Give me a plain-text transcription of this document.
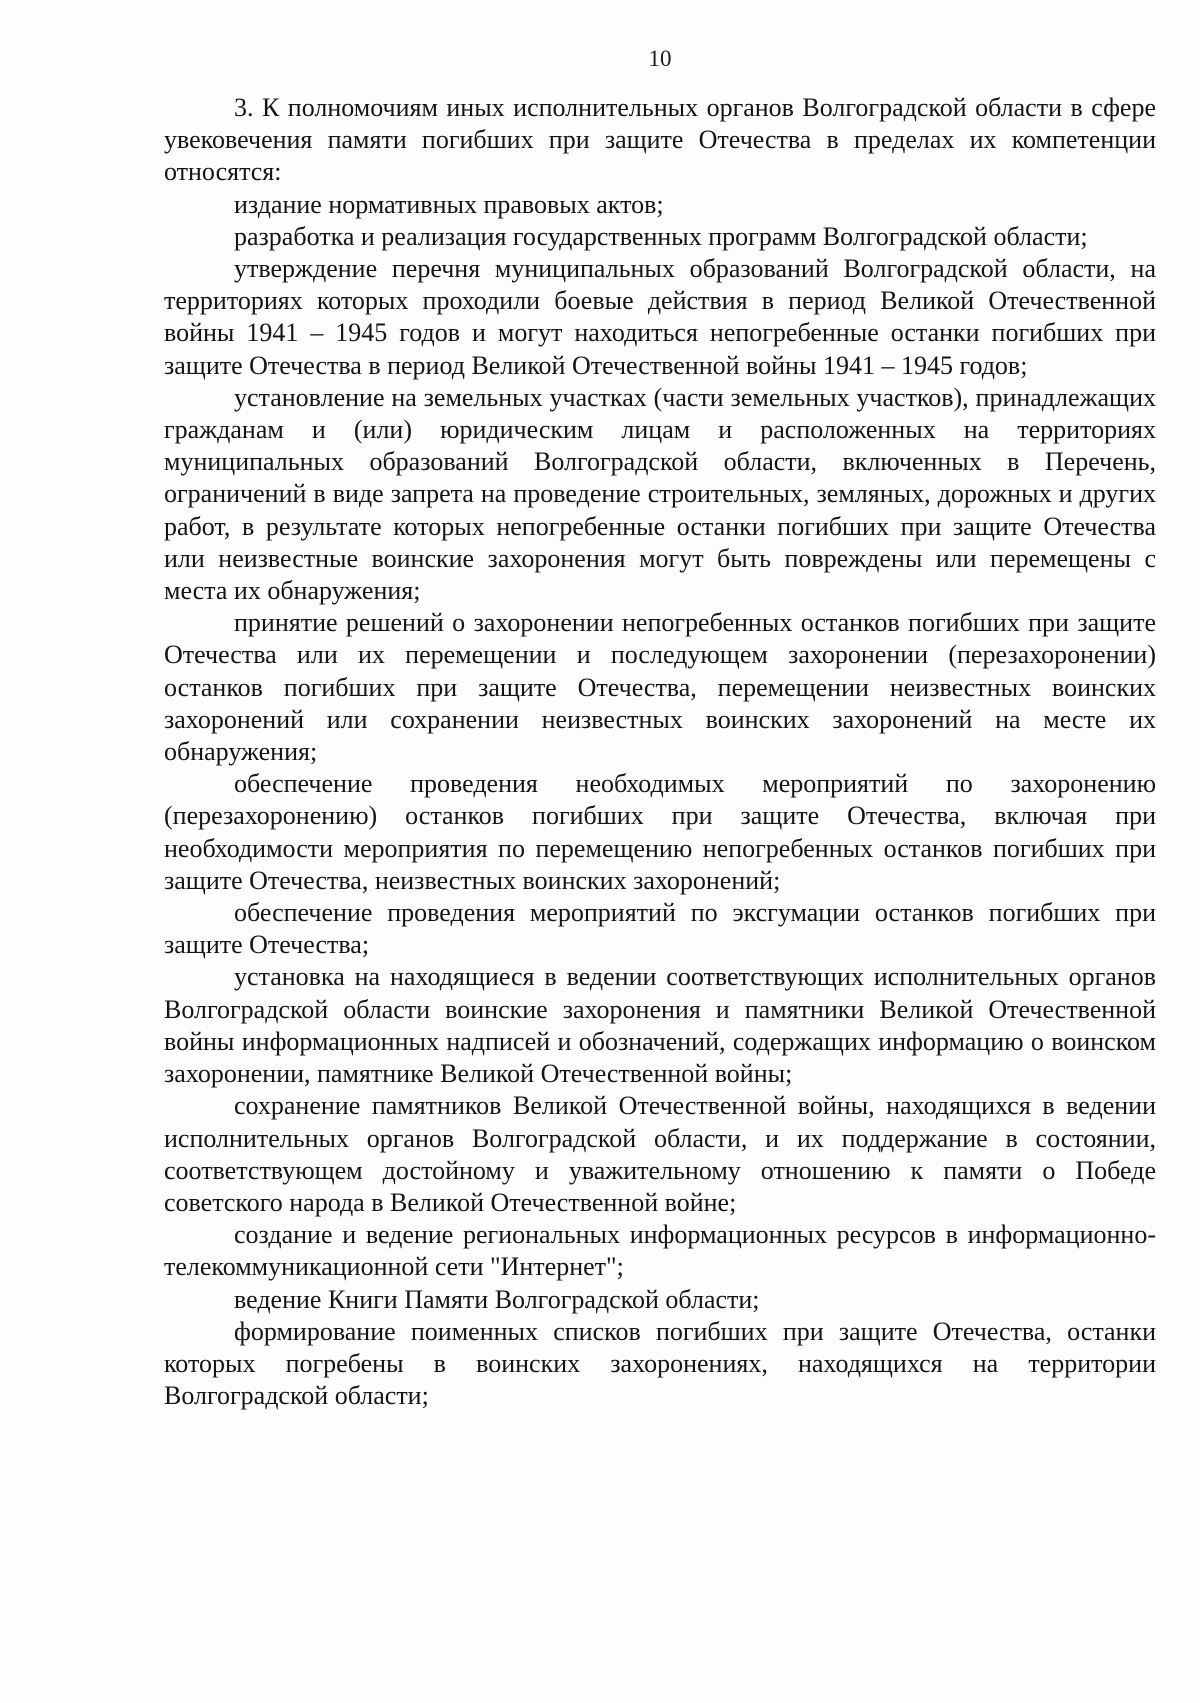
10

3. К полномочиям иных исполнительных органов Волгоградской области в сфере увековечения памяти погибших при защите Отечества в пределах их компетенции относятся:

издание нормативных правовых актов;

разработка и реализация государственных программ Волгоградской области;

утверждение перечня муниципальных образований Волгоградской области, на территориях которых проходили боевые действия в период Великой Отечественной войны 1941 – 1945 годов и могут находиться непогребенные останки погибших при защите Отечества в период Великой Отечественной войны 1941 – 1945 годов;

установление на земельных участках (части земельных участков), принадлежащих гражданам и (или) юридическим лицам и расположенных на территориях муниципальных образований Волгоградской области, включенных в Перечень, ограничений в виде запрета на проведение строительных, земляных, дорожных и других работ, в результате которых непогребенные останки погибших при защите Отечества или неизвестные воинские захоронения могут быть повреждены или перемещены с места их обнаружения;

принятие решений о захоронении непогребенных останков погибших при защите Отечества или их перемещении и последующем захоронении (перезахоронении) останков погибших при защите Отечества, перемещении неизвестных воинских захоронений или сохранении неизвестных воинских захоронений на месте их обнаружения;

обеспечение проведения необходимых мероприятий по захоронению (перезахоронению) останков погибших при защите Отечества, включая при необходимости мероприятия по перемещению непогребенных останков погибших при защите Отечества, неизвестных воинских захоронений;

обеспечение проведения мероприятий по эксгумации останков погибших при защите Отечества;

установка на находящиеся в ведении соответствующих исполнительных органов Волгоградской области воинские захоронения и памятники Великой Отечественной войны информационных надписей и обозначений, содержащих информацию о воинском захоронении, памятнике Великой Отечественной войны;

сохранение памятников Великой Отечественной войны, находящихся в ведении исполнительных органов Волгоградской области, и их поддержание в состоянии, соответствующем достойному и уважительному отношению к памяти о Победе советского народа в Великой Отечественной войне;

создание и ведение региональных информационных ресурсов в информационно-телекоммуникационной сети "Интернет";

ведение Книги Памяти Волгоградской области;

формирование поименных списков погибших при защите Отечества, останки которых погребены в воинских захоронениях, находящихся на территории Волгоградской области;
